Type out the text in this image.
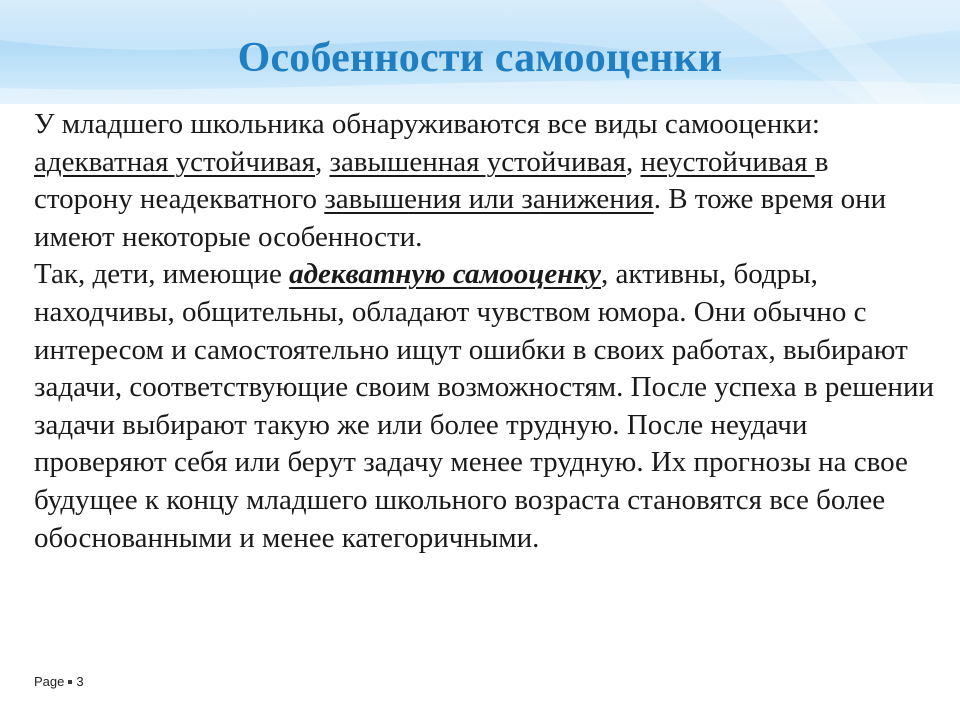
Особенности самооценки

У младшего школьника обнаруживаются все виды самооценки: адекватная устойчивая, завышенная устойчивая, неустойчивая в сторону неадекватного завышения или занижения. В тоже время они имеют некоторые особенности.

Так, дети, имеющие адекватную самооценку, активны, бодры, находчивы, общительны, обладают чувством юмора. Они обычно с интересом и самостоятельно ищут ошибки в своих работах, выбирают задачи, соответствующие своим возможностям. После успеха в решении задачи выбирают такую же или более трудную. После неудачи проверяют себя или берут задачу менее трудную. Их прогнозы на свое будущее к концу младшего школьного возраста становятся все более обоснованными и менее категоричными.

Page 3
